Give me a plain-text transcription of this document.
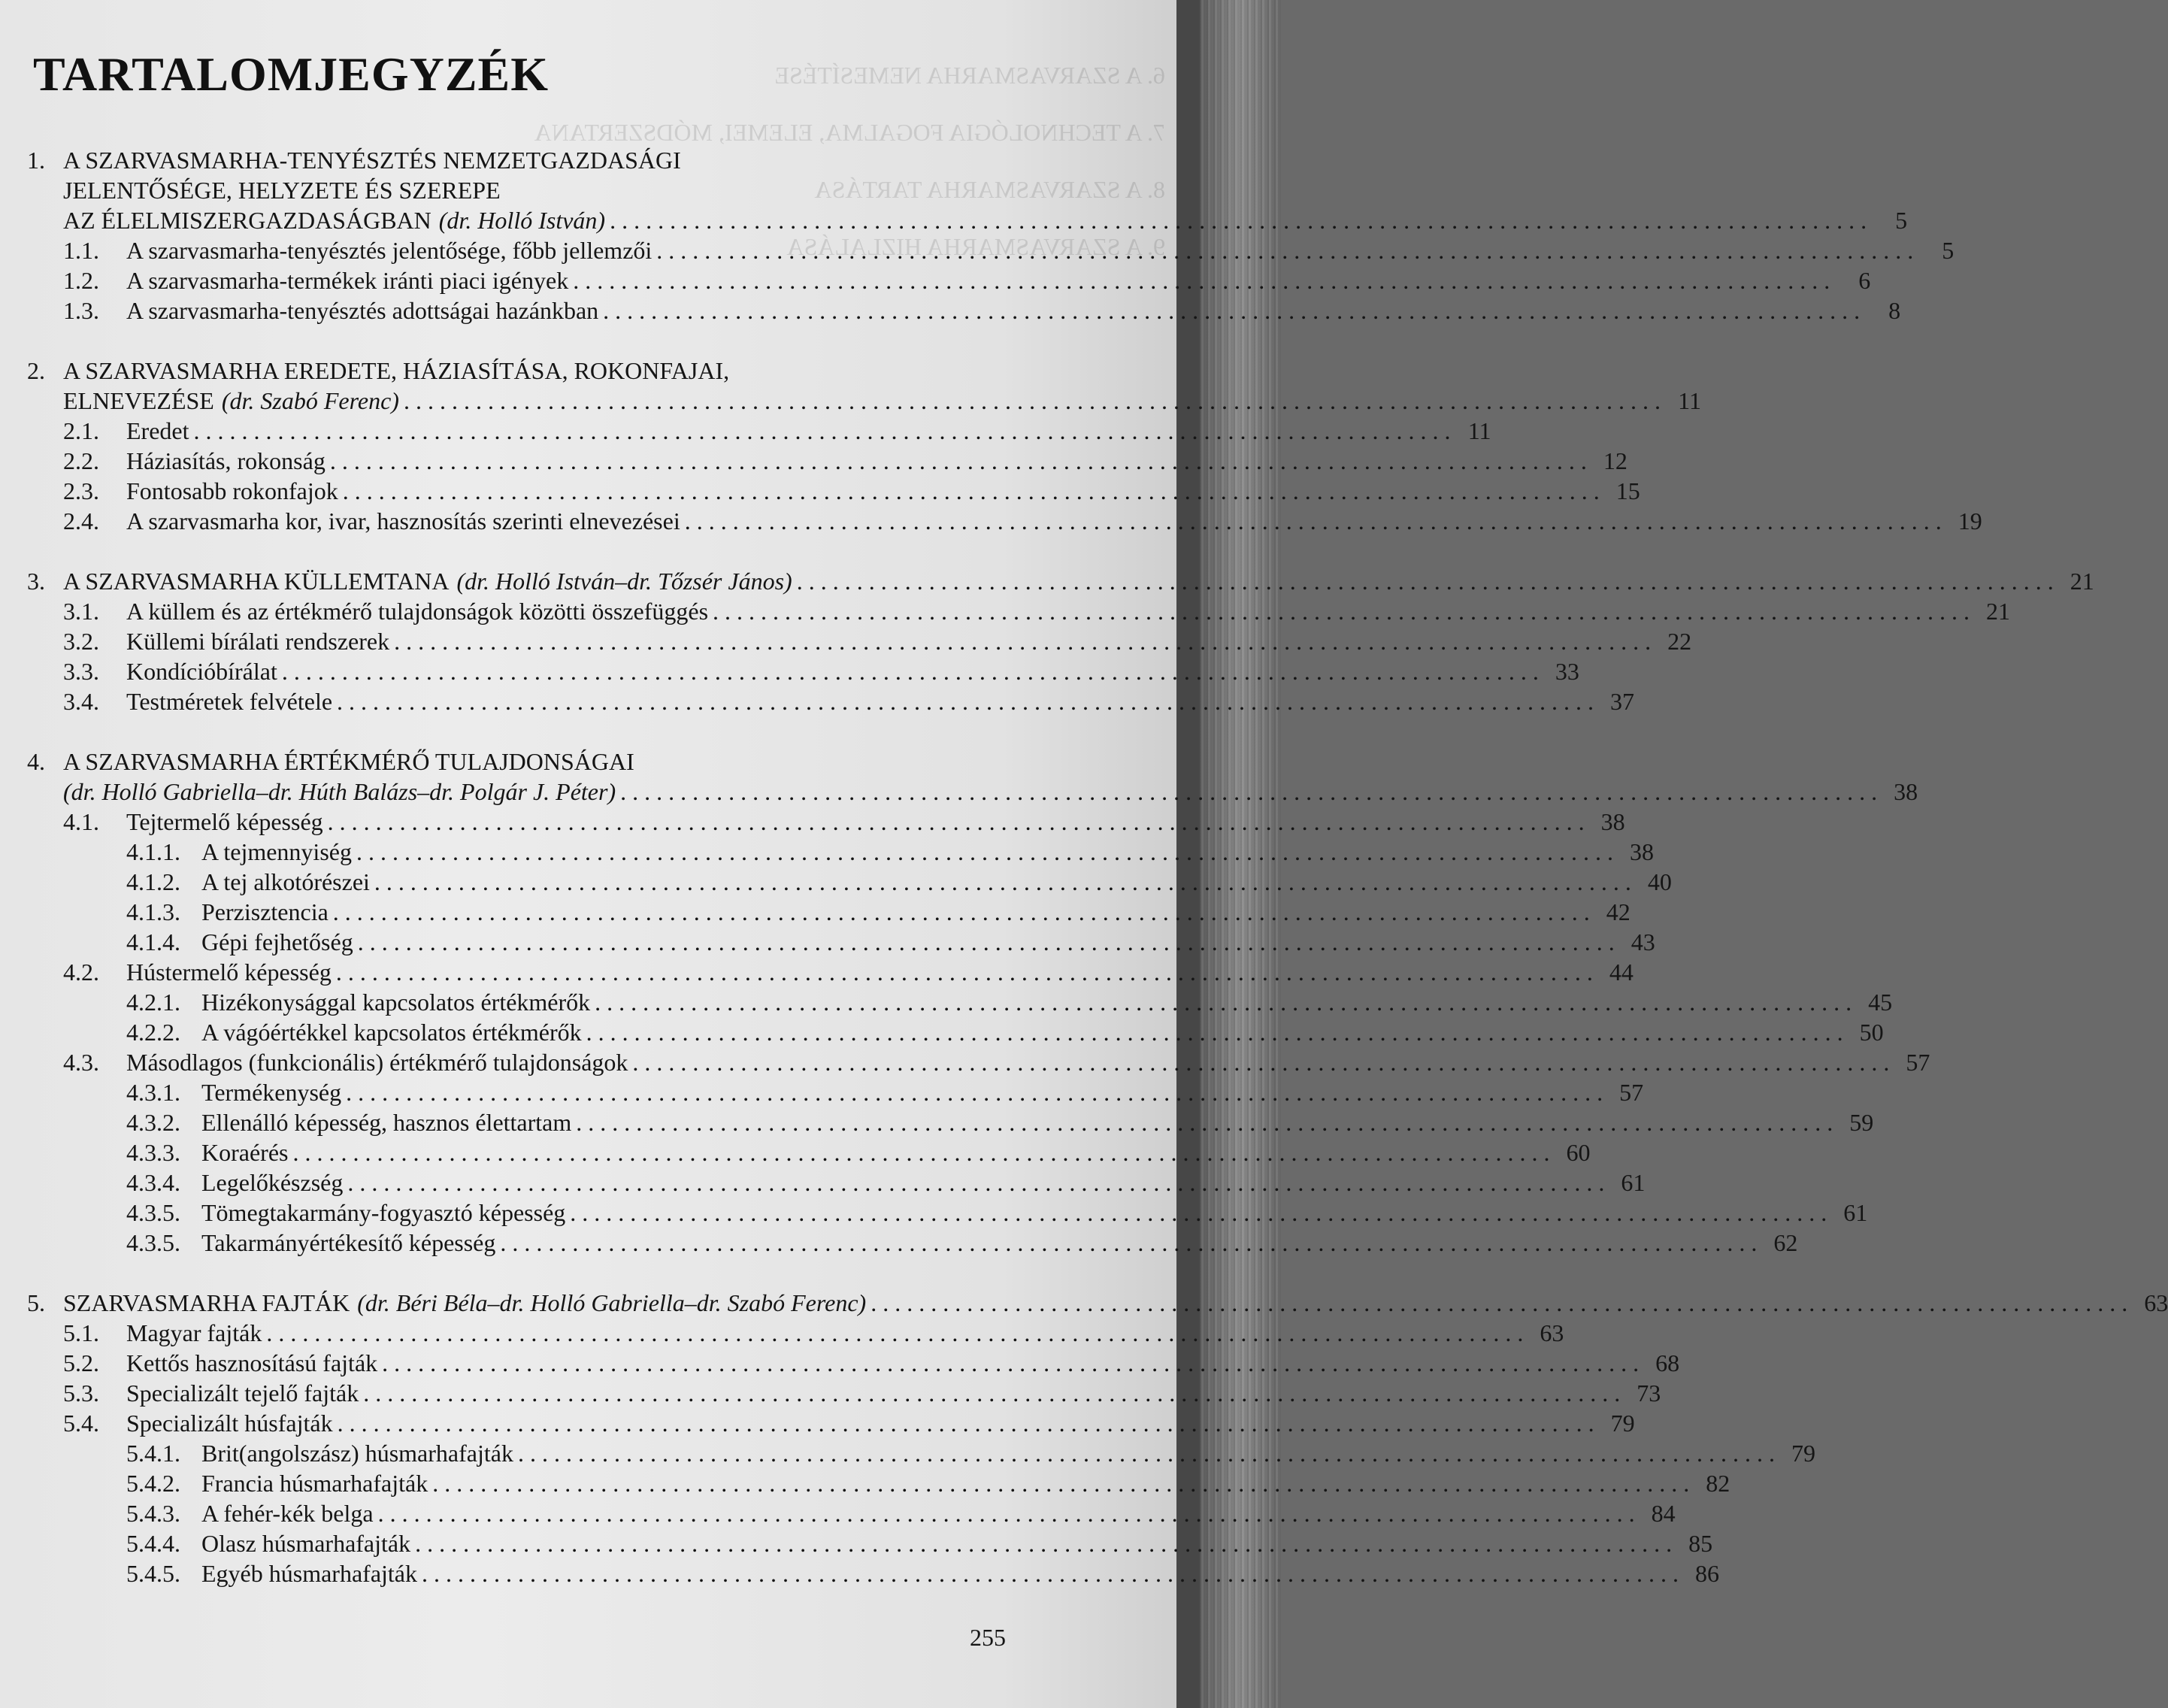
6. A SZARVASMARHA NEMESÍTÉSE
7. A TECHNOLÓGIA FOGALMA, ELEMEI, MÓDSZERTANA
8. A SZARVASMARHA TARTÁSA
9. A SZARVASMARHA HIZLALÁSA
TARTALOMJEGYZÉK
1. A SZARVASMARHA-TENYÉSZTÉS NEMZETGAZDASÁGI
JELENTŐSÉGE, HELYZETE ÉS SZEREPE
AZ ÉLELMISZERGAZDASÁGBAN (dr. Holló István) . . .	5
1.1.	A szarvasmarha-tenyésztés jelentősége, főbb jellemzői . . .	5
1.2.	A szarvasmarha-termékek iránti piaci igények . . .	6
1.3.	A szarvasmarha-tenyésztés adottságai hazánkban . . .	8
2. A SZARVASMARHA EREDETE, HÁZIASÍTÁSA, ROKONFAJAI,
ELNEVEZÉSE (dr. Szabó Ferenc) . . .	11
2.1.	Eredet . . .	11
2.2.	Háziasítás, rokonság . . .	12
2.3.	Fontosabb rokonfajok . . .	15
2.4.	A szarvasmarha kor, ivar, hasznosítás szerinti elnevezései . . .	19
3. A SZARVASMARHA KÜLLEMTANA (dr. Holló István–dr. Tőzsér János) . . .	21
3.1.	A küllem és az értékmérő tulajdonságok közötti összefüggés . . .	21
3.2.	Küllemi bírálati rendszerek . . .	22
3.3.	Kondícióbírálat . . .	33
3.4.	Testméretek felvétele . . .	37
4. A SZARVASMARHA ÉRTÉKMÉRŐ TULAJDONSÁGAI
(dr. Holló Gabriella–dr. Húth Balázs–dr. Polgár J. Péter) . . .	38
4.1.	Tejtermelő képesség . . .	38
4.1.1. A tejmennyiség . . .	38
4.1.2. A tej alkotórészei . . .	40
4.1.3. Perzisztencia . . .	42
4.1.4. Gépi fejhetőség . . .	43
4.2.	Hústermelő képesség . . .	44
4.2.1. Hizékonysággal kapcsolatos értékmérők . . .	45
4.2.2. A vágóértékkel kapcsolatos értékmérők . . .	50
4.3.	Másodlagos (funkcionális) értékmérő tulajdonságok . . .	57
4.3.1. Termékenység . . .	57
4.3.2. Ellenálló képesség, hasznos élettartam . . .	59
4.3.3. Koraérés . . .	60
4.3.4. Legelőkészség . . .	61
4.3.5. Tömegtakarmány-fogyasztó képesség . . .	61
4.3.5. Takarmányértékesítő képesség . . .	62
5. SZARVASMARHA FAJTÁK (dr. Béri Béla–dr. Holló Gabriella–dr. Szabó Ferenc) . . .	63
5.1.	Magyar fajták . . .	63
5.2.	Kettős hasznosítású fajták . . .	68
5.3.	Specializált tejelő fajták . . .	73
5.4.	Specializált húsfajták . . .	79
5.4.1. Brit(angolszász) húsmarhafajták . . .	79
5.4.2. Francia húsmarhafajták . . .	82
5.4.3. A fehér-kék belga . . .	84
5.4.4. Olasz húsmarhafajták . . .	85
5.4.5. Egyéb húsmarhafajták . . .	86
255
